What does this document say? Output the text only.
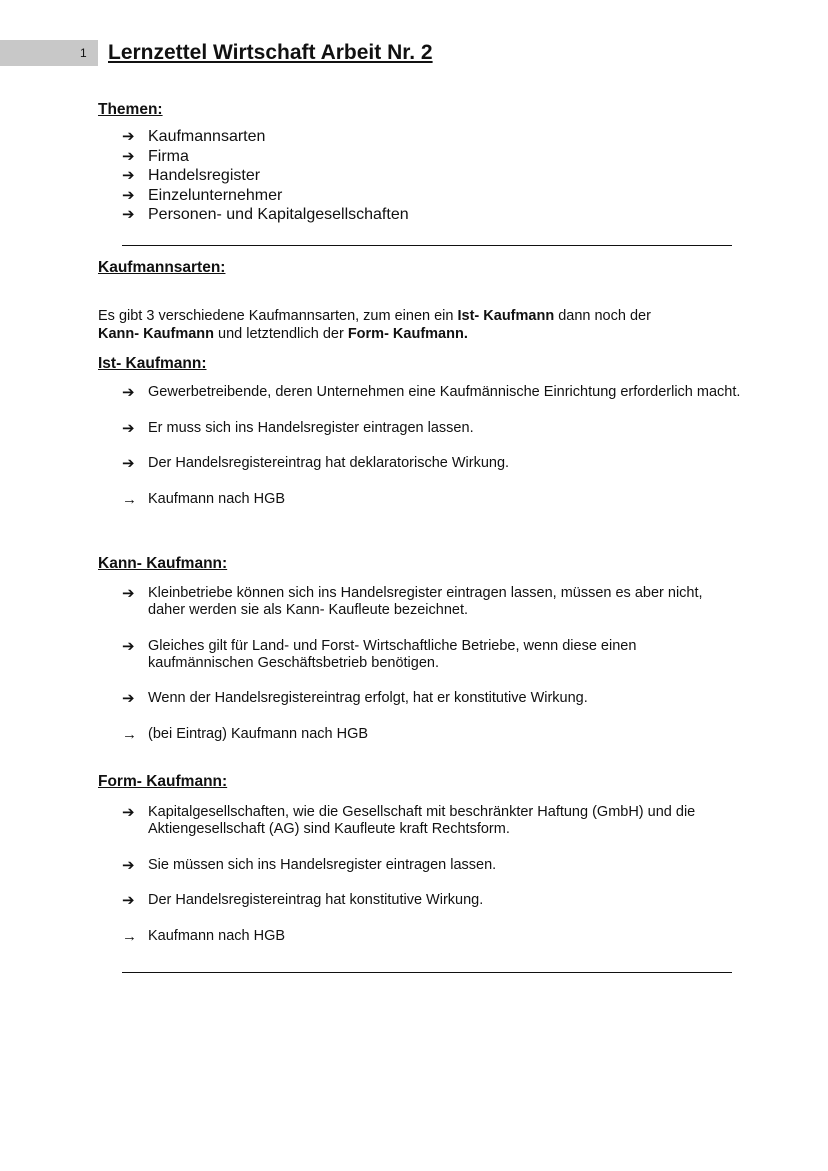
1 Lernzettel Wirtschaft Arbeit Nr. 2
Themen:
➔ Kaufmannsarten
➔ Firma
➔ Handelsregister
➔ Einzelunternehmer
➔ Personen- und Kapitalgesellschaften
Kaufmannsarten:

Es gibt 3 verschiedene Kaufmannsarten, zum einen ein Ist- Kaufmann dann noch der
Kann- Kaufmann und letztendlich der Form- Kaufmann.

Ist- Kaufmann:
➔ Gewerbetreibende, deren Unternehmen eine Kaufmännische Einrichtung erforderlich macht.
➔ Er muss sich ins Handelsregister eintragen lassen.
➔ Der Handelsregistereintrag hat deklaratorische Wirkung.
→ Kaufmann nach HGB
Kann- Kaufmann:
➔ Kleinbetriebe können sich ins Handelsregister eintragen lassen, müssen es aber nicht, daher werden sie als Kann- Kaufleute bezeichnet.
➔ Gleiches gilt für Land- und Forst- Wirtschaftliche Betriebe, wenn diese einen kaufmännischen Geschäftsbetrieb benötigen.
➔ Wenn der Handelsregistereintrag erfolgt, hat er konstitutive Wirkung.
→ (bei Eintrag) Kaufmann nach HGB
Form- Kaufmann:
➔ Kapitalgesellschaften, wie die Gesellschaft mit beschränkter Haftung (GmbH) und die Aktiengesellschaft (AG) sind Kaufleute kraft Rechtsform.
➔ Sie müssen sich ins Handelsregister eintragen lassen.
➔ Der Handelsregistereintrag hat konstitutive Wirkung.
→ Kaufmann nach HGB
